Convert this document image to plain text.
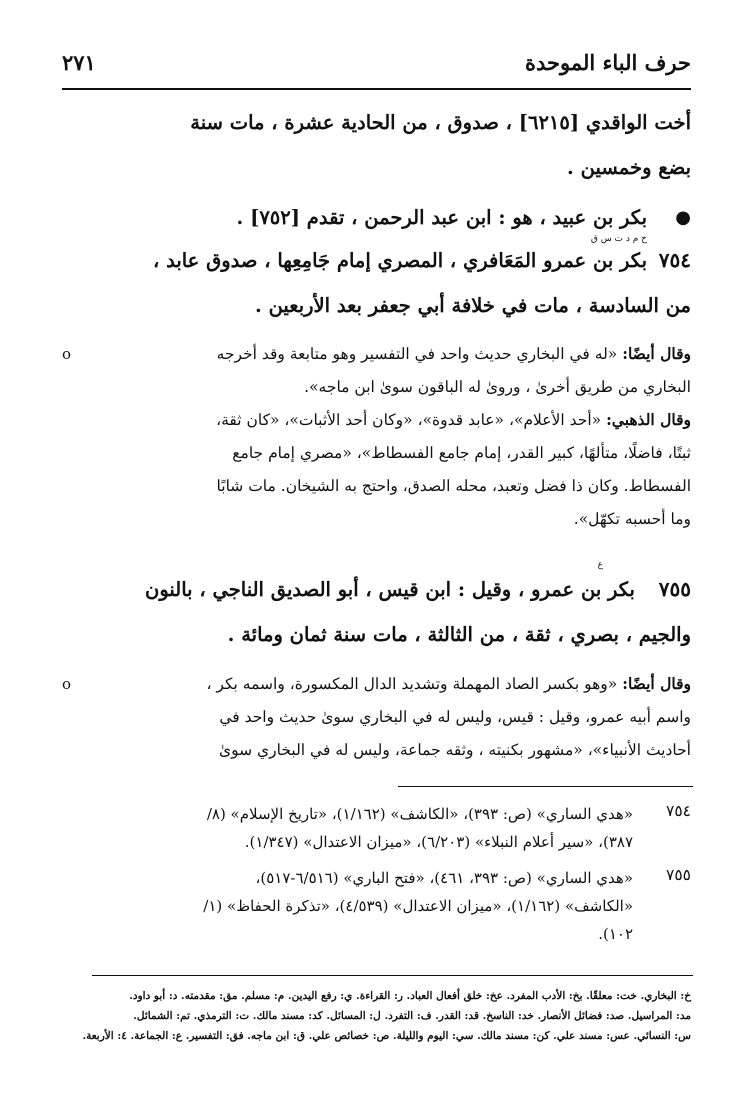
حرف الباء الموحدة
٢٧١
أخت الواقدي [٦٢١٥] ، صدوق ، من الحادية عشرة ، مات سنة
بضع وخمسين .
●
بكر بن عبيد ، هو : ابن عبد الرحمن ، تقدم [٧٥٢] .
خ م د ت س ق
٧٥٤
بكر بن عمرو المَعَافري ، المصري إمام جَامِعِها ، صدوق عابد ،
من السادسة ، مات في خلافة أبي جعفر بعد الأربعين .
o	وقال أيضًا: «له في البخاري حديث واحد في التفسير وهو متابعة وقد أخرجه
البخاري من طريق أخرىٰ ، وروىٰ له الباقون سوىٰ ابن ماجه».
وقال الذهبي: «أحد الأعلام»، «عابد قدوة»، «وكان أحد الأثبات»، «كان ثقة،
ثبتًا، فاضلًا، متألهًا، كبير القدر، إمام جامع الفسطاط»، «مصري إمام جامع
الفسطاط. وكان ذا فضل وتعبد، محله الصدق، واحتج به الشيخان. مات شابًا
وما أحسبه تكهّل».
ع
٧٥٥
بكر بن عمرو ، وقيل : ابن قيس ، أبو الصديق الناجي ، بالنون
والجيم ، بصري ، ثقة ، من الثالثة ، مات سنة ثمان ومائة .
o	وقال أيضًا: «وهو بكسر الصاد المهملة وتشديد الدال المكسورة، واسمه بكر ،
واسم أبيه عمرو، وقيل : قيس، وليس له في البخاري سوىٰ حديث واحد في
أحاديث الأنبياء»، «مشهور بكنيته ، وثقه جماعة، وليس له في البخاري سوىٰ
٧٥٤
«هدي الساري» (ص: ٣٩٣)، «الكاشف» (١/١٦٢)، «تاريخ الإسلام» (٨/
٣٨٧)، «سير أعلام النبلاء» (٦/٢٠٣)، «ميزان الاعتدال» (١/٣٤٧).
٧٥٥
«هدي الساري» (ص: ٣٩٣، ٤٦١)، «فتح الباري» (٦/٥١٦-٥١٧)،
«الكاشف» (١/١٦٢)، «ميزان الاعتدال» (٤/٥٣٩)، «تذكرة الحفاظ» (١/
١٠٢).
خ: البخاري. خت: معلقًا. بخ: الأدب المفرد. عخ: خلق أفعال العباد. ر: القراءة. ي: رفع اليدين. م: مسلم. مق: مقدمته. د: أبو داود.
مد: المراسيل. صد: فضائل الأنصار. خد: الناسخ. قد: القدر. ف: التفرد. ل: المسائل. كد: مسند مالك. ت: الترمذي. تم: الشمائل.
س: النسائي. عس: مسند علي. كن: مسند مالك. سي: اليوم والليلة. ص: خصائص علي. ق: ابن ماجه. فق: التفسير. ع: الجماعة. ٤: الأربعة.
